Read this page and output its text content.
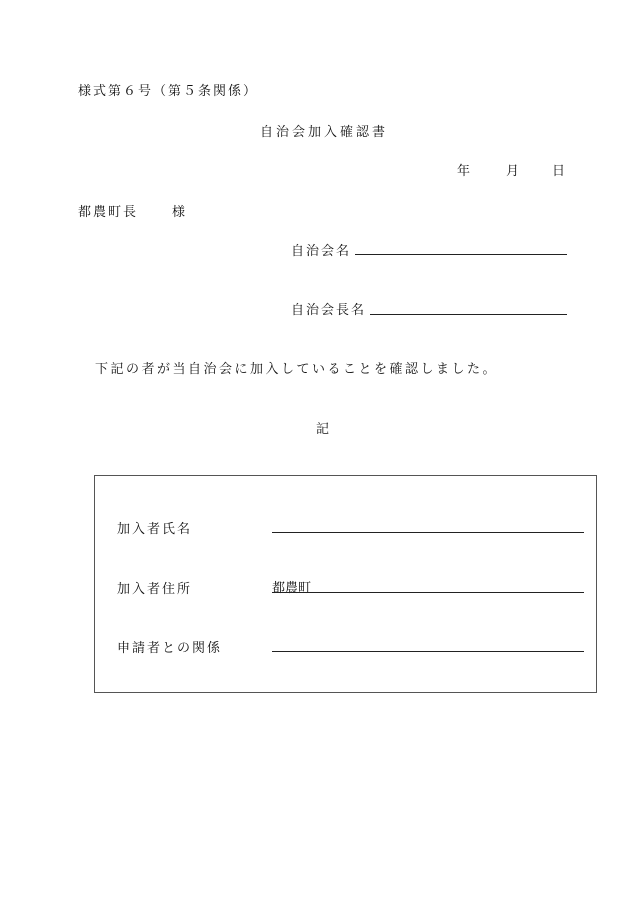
様式第６号（第５条関係）
自治会加入確認書
年	月 日
都農町長	様
自治会名
自治会長名
下記の者が当自治会に加入していることを確認しました。
記
加入者氏名
加入者住所	都農町
申請者との関係
